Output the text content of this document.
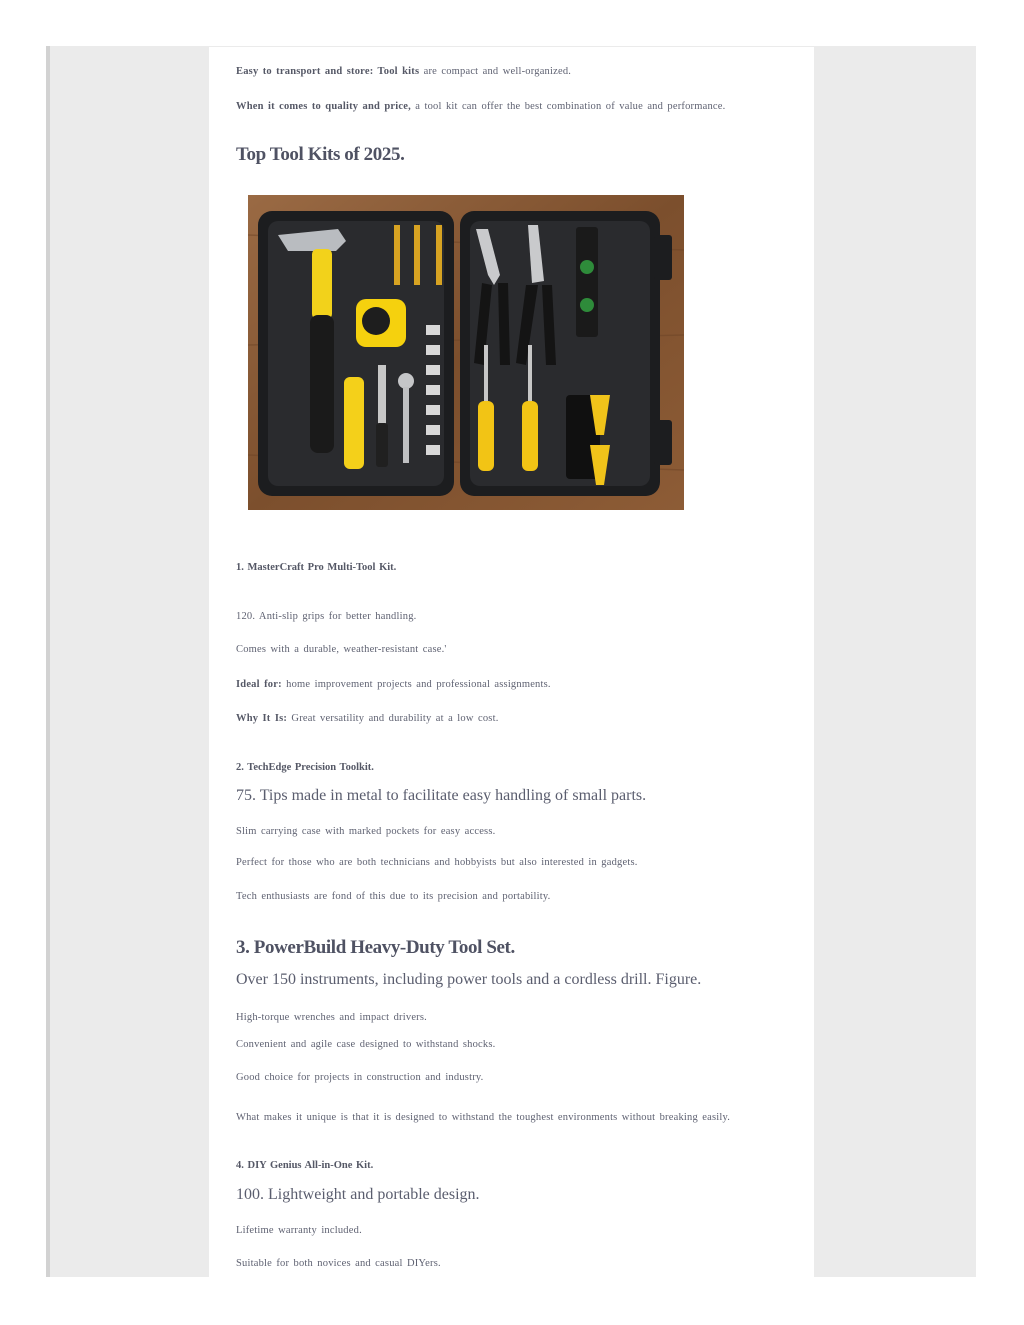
Easy to transport and store: Tool kits are compact and well-organized.

When it comes to quality and price, a tool kit can offer the best combination of value and performance.

Top Tool Kits of 2025.

1. MasterCraft Pro Multi-Tool Kit.

120. Anti-slip grips for better handling.

Comes with a durable, weather-resistant case.'

Ideal for: home improvement projects and professional assignments.

Why It Is: Great versatility and durability at a low cost.

2. TechEdge Precision Toolkit.

75. Tips made in metal to facilitate easy handling of small parts.

Slim carrying case with marked pockets for easy access.

Perfect for those who are both technicians and hobbyists but also interested in gadgets.

Tech enthusiasts are fond of this due to its precision and portability.

3. PowerBuild Heavy-Duty Tool Set.

Over 150 instruments, including power tools and a cordless drill. Figure.

High-torque wrenches and impact drivers.

Convenient and agile case designed to withstand shocks.

Good choice for projects in construction and industry.

What makes it unique is that it is designed to withstand the toughest environments without breaking easily.

4. DIY Genius All-in-One Kit.

100. Lightweight and portable design.

Lifetime warranty included.

Suitable for both novices and casual DIYers.
